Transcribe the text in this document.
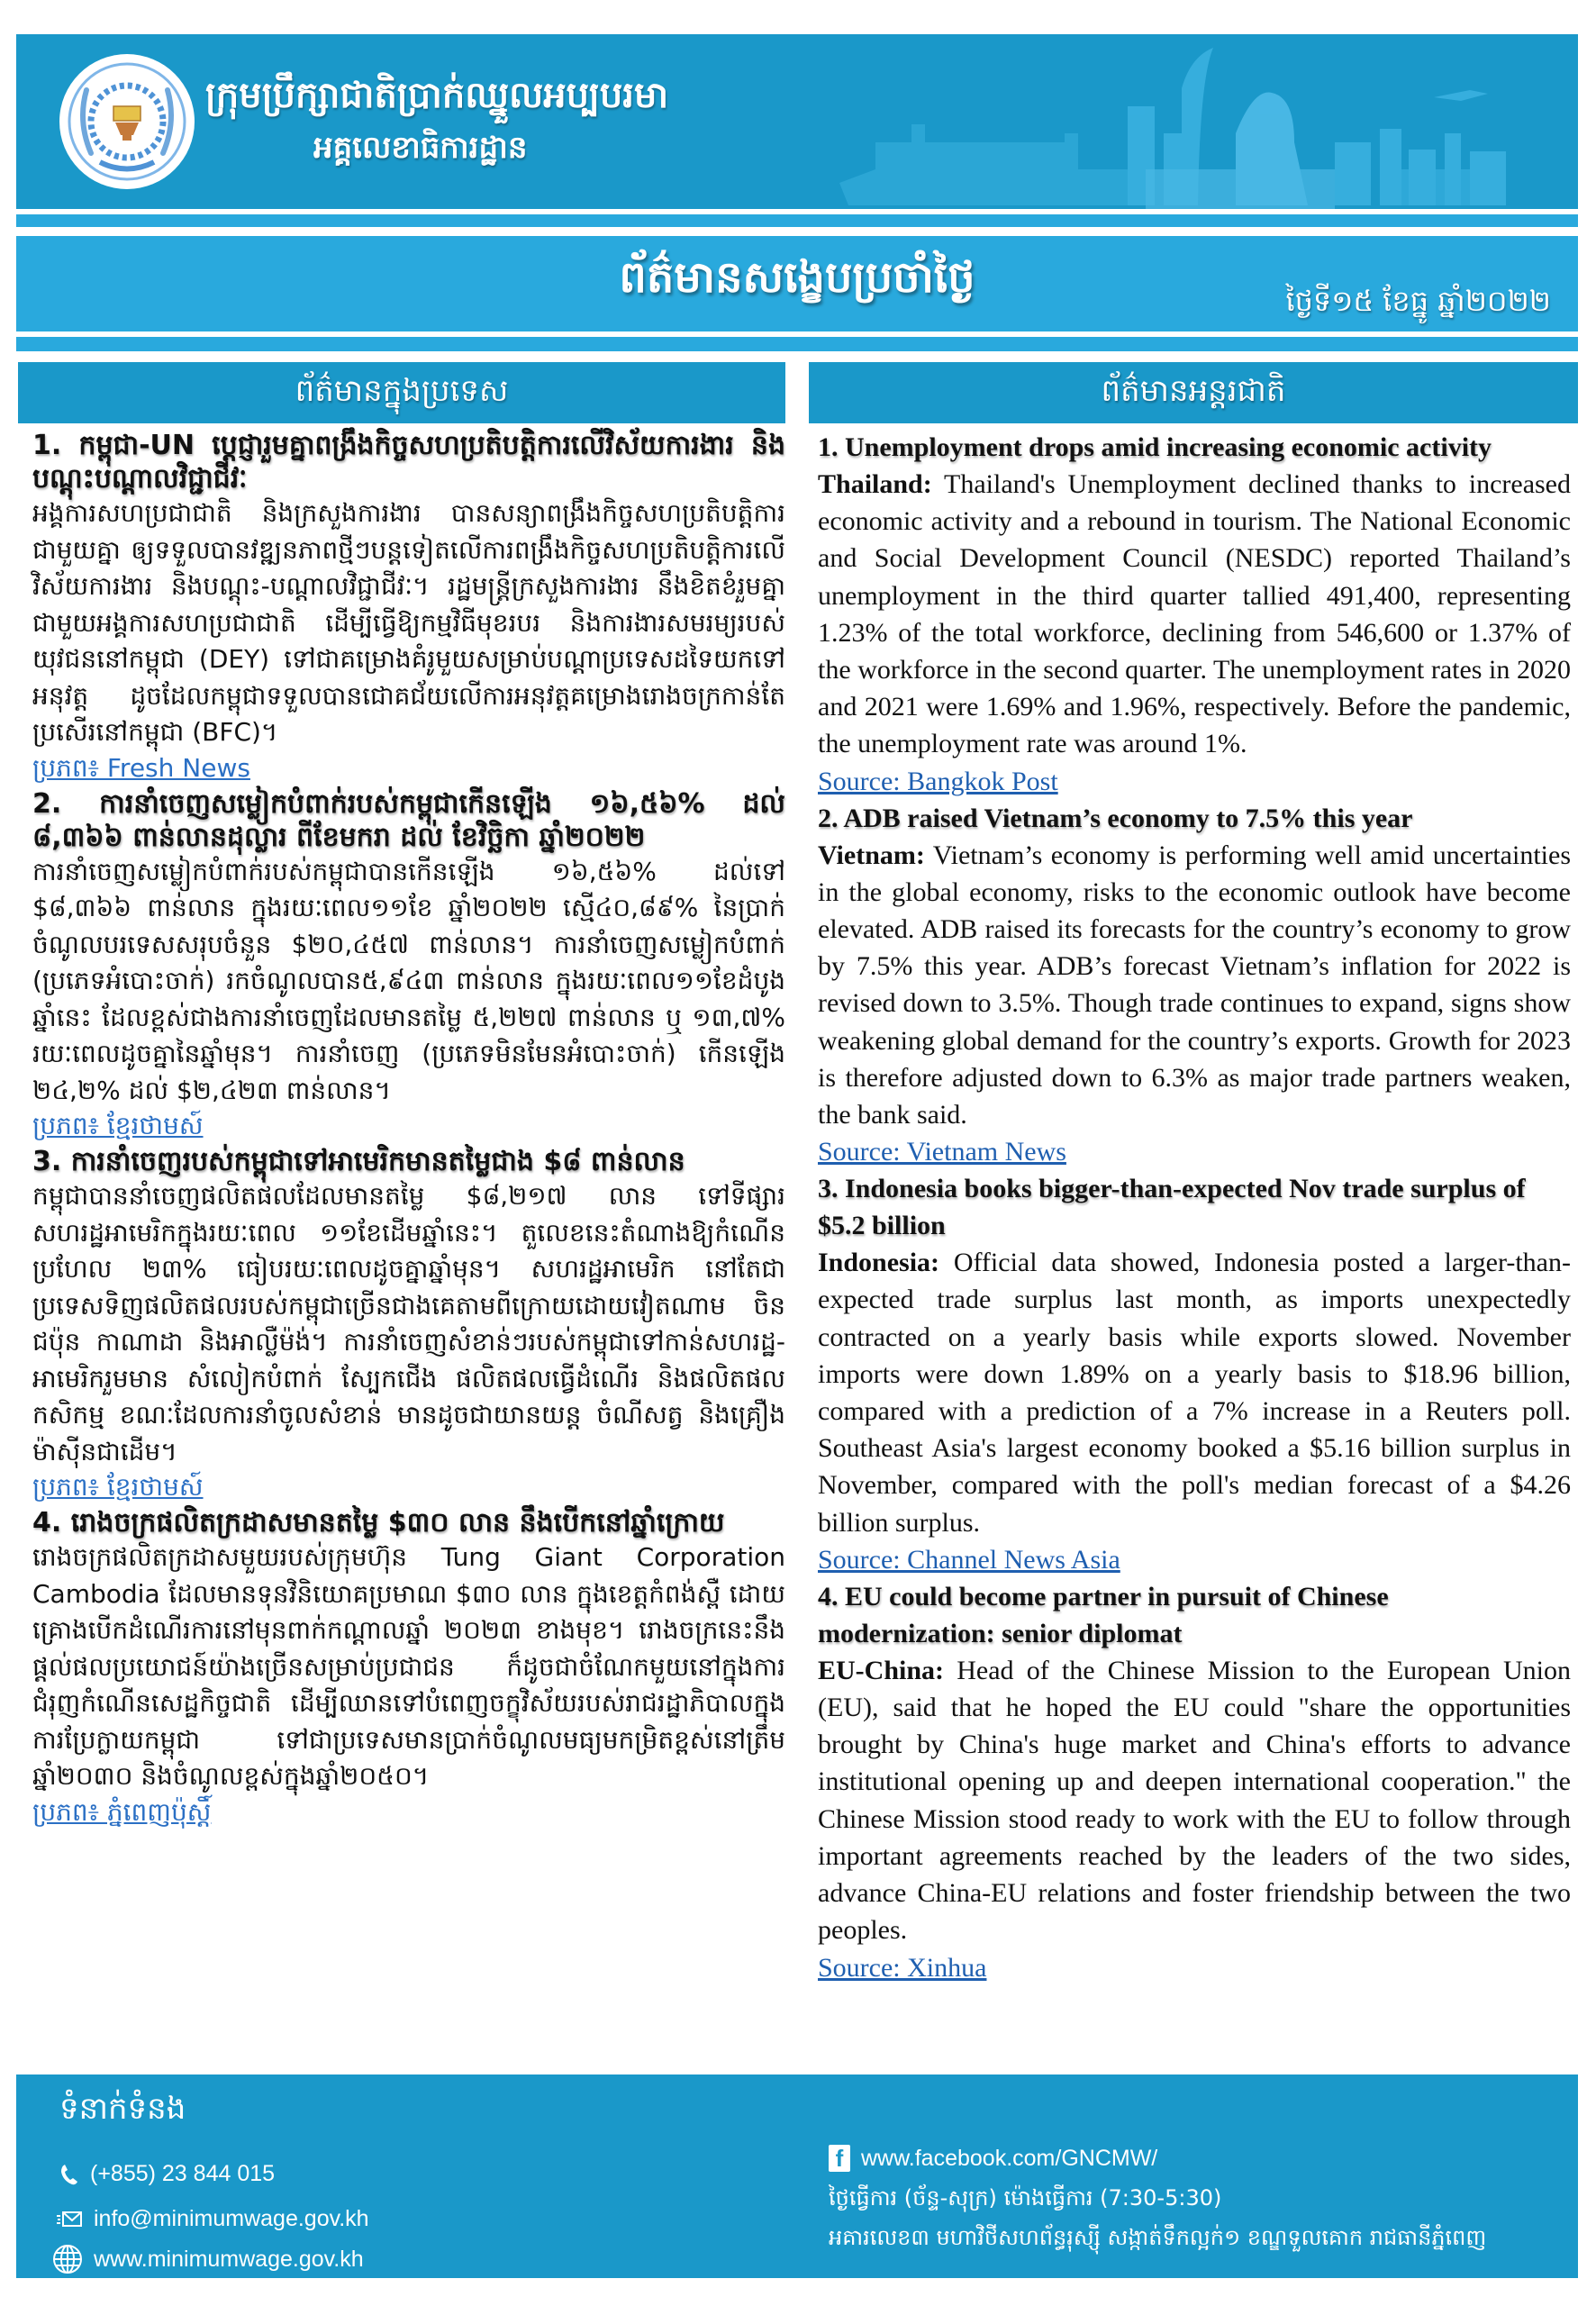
ក្រុមប្រឹក្សាជាតិប្រាក់ឈ្នួលអប្បបរមា
អគ្គលេខាធិការដ្ឋាន
ព័ត៌មានសង្ខេបប្រចាំថ្ងៃ	ថ្ងៃទី១៥ ខែធ្នូ ឆ្នាំ២០២២
ព័ត៌មានក្នុងប្រទេស	ព័ត៌មានអន្តរជាតិ
1. កម្ពុជា-UN ប្ដេជ្ញារួមគ្នាពង្រឹងកិច្ចសហប្រតិបត្តិការលើវិស័យការងារ និងបណ្ដុះបណ្ដាលវិជ្ជាជីវៈ

អង្គការសហប្រជាជាតិ និងក្រសួងការងារ បានសន្យាពង្រឹងកិច្ចសហប្រតិបត្តិការជាមួយគ្នា ឲ្យទទួលបានវឌ្ឍនភាពថ្មីៗបន្តទៀតលើការពង្រឹងកិច្ចសហប្រតិបត្តិការលើវិស័យការងារ និងបណ្ដុះ-បណ្ដាលវិជ្ជាជីវៈ។ រដ្ឋមន្ត្រីក្រសួងការងារ នឹងខិតខំរួមគ្នាជាមួយអង្គការសហប្រជាជាតិ ដើម្បីធ្វើឱ្យកម្មវិធីមុខរបរ និងការងារសមរម្យរបស់យុវជននៅកម្ពុជា (DEY) ទៅជាគម្រោងគំរូមួយសម្រាប់បណ្ដាប្រទេសដទៃយកទៅអនុវត្ត ដូចដែលកម្ពុជាទទួលបានជោគជ័យលើការអនុវត្តគម្រោងរោងចក្រកាន់តែប្រសើរនៅកម្ពុជា (BFC)។

ប្រភព៖ Fresh News
2. ការនាំចេញសម្លៀកបំពាក់របស់កម្ពុជាកើនឡើង ១៦,៥៦% ដល់ ៨,៣៦៦ ពាន់លានដុល្លារ ពីខែមករា ដល់ ខែវិច្ឆិកា ឆ្នាំ២០២២

ការនាំចេញសម្លៀកបំពាក់របស់កម្ពុជាបានកើនឡើង ១៦,៥៦% ដល់ទៅ $៨,៣៦៦ ពាន់លាន ក្នុងរយៈពេល១១ខែ ឆ្នាំ២០២២ ស្មើ៤០,៨៩% នៃប្រាក់ចំណូលបរទេសសរុបចំនួន $២០,៤៥៧ ពាន់លាន។ ការនាំចេញសម្លៀកបំពាក់ (ប្រភេទអំបោះចាក់) រកចំណូលបាន៥,៩៤៣ ពាន់លាន ក្នុងរយៈពេល១១ខែដំបូងឆ្នាំនេះ ដែលខ្ពស់ជាងការនាំចេញដែលមានតម្លៃ ៥,២២៧ ពាន់លាន ឬ ១៣,៧% រយៈពេលដូចគ្នានៃឆ្នាំមុន។ ការនាំចេញ (ប្រភេទមិនមែនអំបោះចាក់) កើនឡើង ២៤,២% ដល់ $២,៤២៣ ពាន់លាន។

ប្រភព៖ ខ្មែរថាមស៍
3. ការនាំចេញរបស់កម្ពុជាទៅអាមេរិកមានតម្លៃជាង $៨ ពាន់លាន

កម្ពុជាបាននាំចេញផលិតផលដែលមានតម្លៃ $៨,២១៧ លាន ទៅទីផ្សារសហរដ្ឋអាមេរិកក្នុងរយៈពេល ១១ខែដើមឆ្នាំនេះ។ តួលេខនេះតំណាងឱ្យកំណើនប្រហែល ២៣% ធៀបរយៈពេលដូចគ្នាឆ្នាំមុន។ សហរដ្ឋអាមេរិក នៅតែជាប្រទេសទិញផលិតផលរបស់កម្ពុជាច្រើនជាងគេតាមពីក្រោយដោយវៀតណាម ចិន ជប៉ុន កាណាដា និងអាល្លឺម៉ង់។ ការនាំចេញសំខាន់ៗរបស់កម្ពុជាទៅកាន់សហរដ្ឋ-អាមេរិករួមមាន សំលៀកបំពាក់ ស្បែកជើង ផលិតផលធ្វើដំណើរ និងផលិតផលកសិកម្ម ខណៈដែលការនាំចូលសំខាន់ មានដូចជាយានយន្ត ចំណីសត្វ និងគ្រឿងម៉ាស៊ីនជាដើម។

ប្រភព៖ ខ្មែរថាមស៍
4. រោងចក្រផលិតក្រដាសមានតម្លៃ $៣០ លាន នឹងបើកនៅឆ្នាំក្រោយ

រោងចក្រផលិតក្រដាសមួយរបស់ក្រុមហ៊ុន Tung Giant Corporation Cambodia ដែលមានទុនវិនិយោគប្រមាណ $៣០ លាន ក្នុងខេត្តកំពង់ស្ពឺ ដោយគ្រោងបើកដំណើរការនៅមុនពាក់កណ្ដាលឆ្នាំ ២០២៣ ខាងមុខ។ រោងចក្រនេះនឹងផ្ដល់ផលប្រយោជន៍យ៉ាងច្រើនសម្រាប់ប្រជាជន ក៏ដូចជាចំណែកមួយនៅក្នុងការជំរុញកំណើនសេដ្ឋកិច្ចជាតិ ដើម្បីឈានទៅបំពេញចក្ខុវិស័យរបស់រាជរដ្ឋាភិបាលក្នុងការប្រែក្លាយកម្ពុជា ទៅជាប្រទេសមានប្រាក់ចំណូលមធ្យមកម្រិតខ្ពស់នៅត្រឹមឆ្នាំ២០៣០ និងចំណូលខ្ពស់ក្នុងឆ្នាំ២០៥០។

ប្រភព៖ ភ្នំពេញប៉ុស្ដិ៍
1. Unemployment drops amid increasing economic activity

Thailand: Thailand's Unemployment declined thanks to increased economic activity and a rebound in tourism. The National Economic and Social Development Council (NESDC) reported Thailand’s unemployment in the third quarter tallied 491,400, representing 1.23% of the total workforce, declining from 546,600 or 1.37% of the workforce in the second quarter. The unemployment rates in 2020 and 2021 were 1.69% and 1.96%, respectively. Before the pandemic, the unemployment rate was around 1%.

Source: Bangkok Post
2. ADB raised Vietnam’s economy to 7.5% this year

Vietnam: Vietnam’s economy is performing well amid uncertainties in the global economy, risks to the economic outlook have become elevated. ADB raised its forecasts for the country’s economy to grow by 7.5% this year. ADB’s forecast Vietnam’s inflation for 2022 is revised down to 3.5%. Though trade continues to expand, signs show weakening global demand for the country’s exports. Growth for 2023 is therefore adjusted down to 6.3% as major trade partners weaken, the bank said.

Source: Vietnam News
3. Indonesia books bigger-than-expected Nov trade surplus of $5.2 billion

Indonesia: Official data showed, Indonesia posted a larger-than-expected trade surplus last month, as imports unexpectedly contracted on a yearly basis while exports slowed. November imports were down 1.89% on a yearly basis to $18.96 billion, compared with a prediction of a 7% increase in a Reuters poll. Southeast Asia's largest economy booked a $5.16 billion surplus in November, compared with the poll's median forecast of a $4.26 billion surplus.

Source: Channel News Asia
4. EU could become partner in pursuit of Chinese modernization: senior diplomat

EU-China: Head of the Chinese Mission to the European Union (EU), said that he hoped the EU could "share the opportunities brought by China's huge market and China's efforts to advance institutional opening up and deepen international cooperation." the Chinese Mission stood ready to work with the EU to follow through important agreements reached by the leaders of the two sides, advance China-EU relations and foster friendship between the two peoples.

Source: Xinhua
ទំនាក់ទំនង
(+855) 23 844 015
info@minimumwage.gov.kh
www.minimumwage.gov.kh
f www.facebook.com/GNCMW/
ថ្ងៃធ្វើការ (ច័ន្ទ-សុក្រ) ម៉ោងធ្វើការ (7:30-5:30)
អគារលេខ៣ មហាវិថីសហព័ន្ធរុស្ស៊ី សង្កាត់ទឹកល្អក់១ ខណ្ឌទួលគោក រាជធានីភ្នំពេញ
